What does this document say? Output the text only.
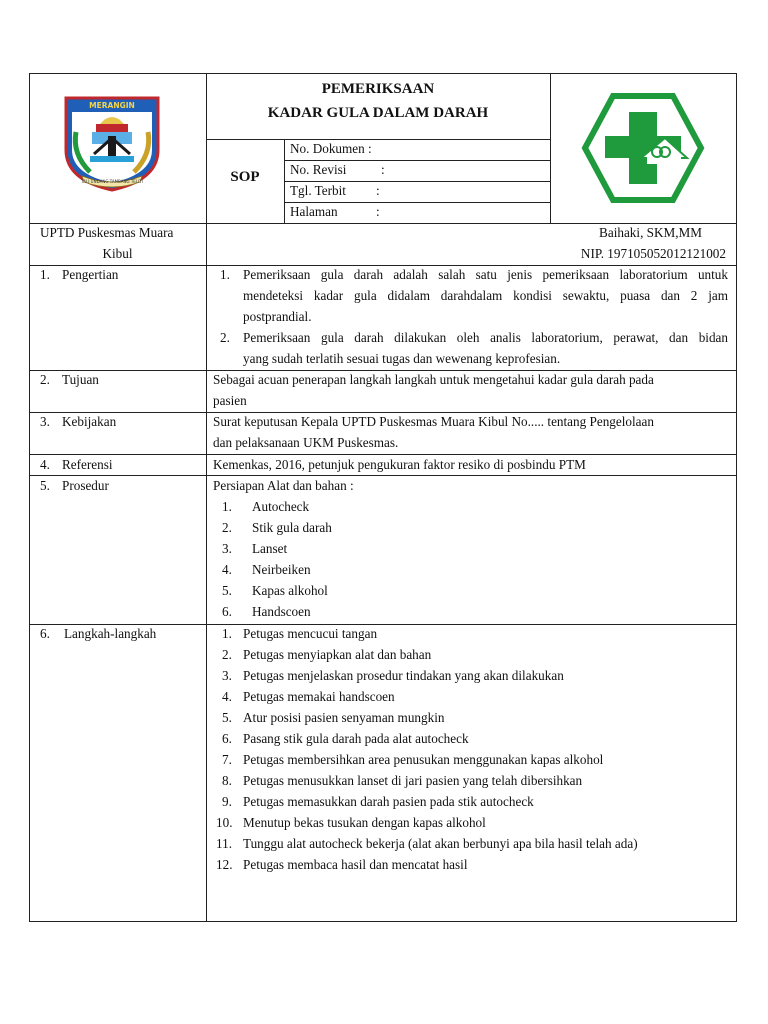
MERANGIN
TALI UNDANG TAMBANG TELITI
PEMERIKSAAN
KADAR GULA DALAM DARAH
SOP
No. Dokumen :
No. Revisi	:
Tgl. Terbit :
Halaman	:
UPTD Puskesmas Muara
Kibul
Baihaki, SKM,MM
NIP. 197105052012121002
1. Pengertian	1. Pemeriksaan gula darah adalah salah satu jenis pemeriksaan laboratorium untuk
mendeteksi kadar gula didalam darahdalam kondisi sewaktu, puasa dan 2 jam
postprandial.
2. Pemeriksaan gula darah dilakukan oleh analis laboratorium, perawat, dan bidan
yang sudah terlatih sesuai tugas dan wewenang keprofesian.
2. Tujuan	Sebagai acuan penerapan langkah langkah untuk mengetahui kadar gula darah pada
pasien
3. Kebijakan	Surat keputusan Kepala UPTD Puskesmas Muara Kibul No..... tentang Pengelolaan
dan pelaksanaan UKM Puskesmas.
4. Referensi	Kemenkas, 2016, petunjuk pengukuran faktor resiko di posbindu PTM
5. Prosedur	Persiapan Alat dan bahan :
1. Autocheck
2. Stik gula darah
3. Lanset
4. Neirbeiken
5. Kapas alkohol
6. Handscoen
6. Langkah-langkah	1. Petugas mencucui tangan
2. Petugas menyiapkan alat dan bahan
3. Petugas menjelaskan prosedur tindakan yang akan dilakukan
4. Petugas memakai handscoen
5. Atur posisi pasien senyaman mungkin
6. Pasang stik gula darah pada alat autocheck
7. Petugas membersihkan area penusukan menggunakan kapas alkohol
8. Petugas menusukkan lanset di jari pasien yang telah dibersihkan
9. Petugas memasukkan darah pasien pada stik autocheck
10. Menutup bekas tusukan dengan kapas alkohol
11. Tunggu alat autocheck bekerja (alat akan berbunyi apa bila hasil telah ada)
12. Petugas membaca hasil dan mencatat hasil
